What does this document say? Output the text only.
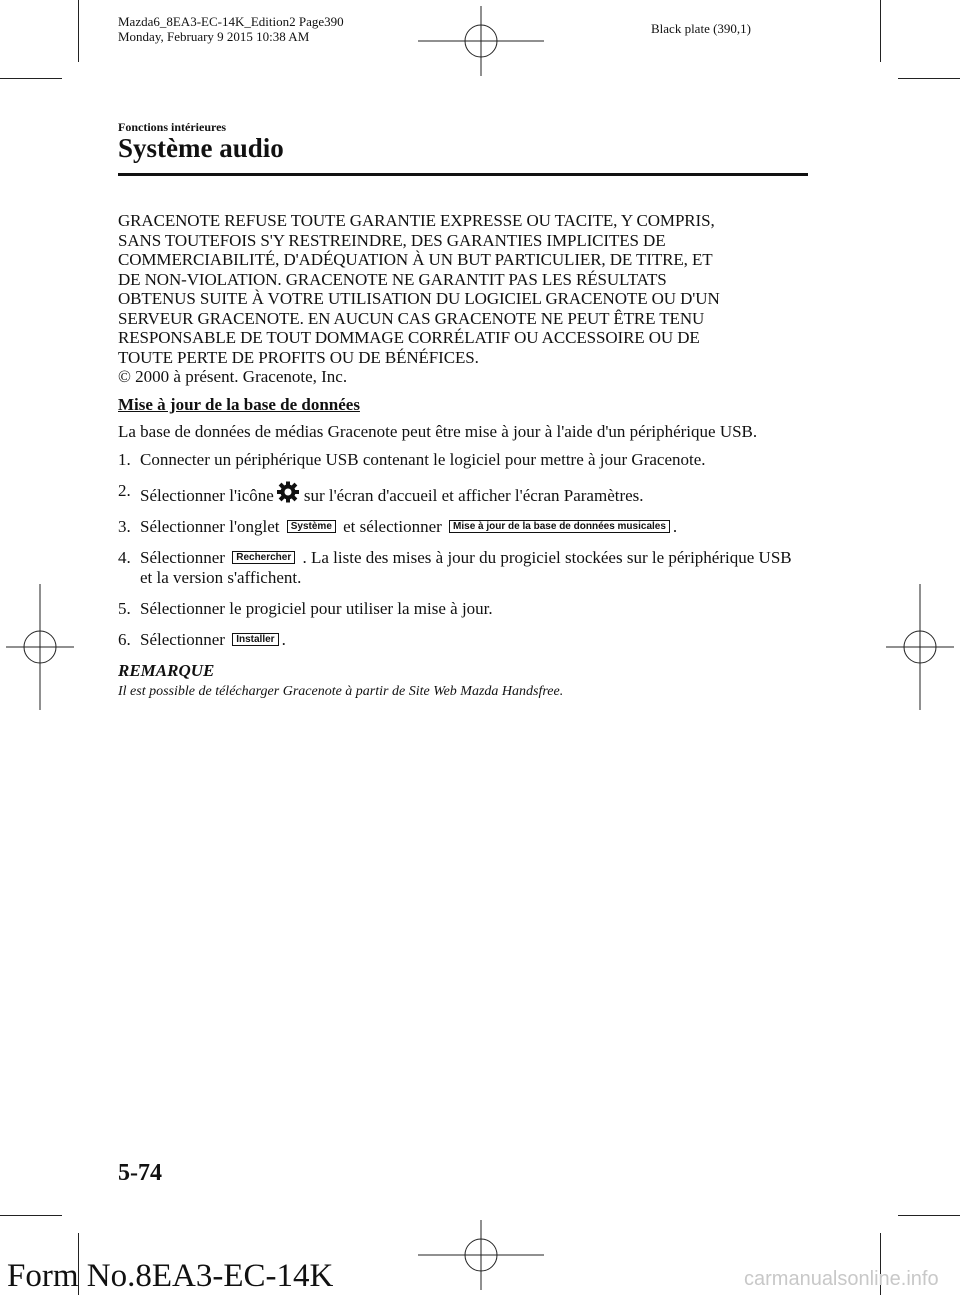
Mazda6_8EA3-EC-14K_Edition2 Page390
Monday, February 9 2015 10:38 AM
Black plate (390,1)
Fonctions intérieures
Système audio
GRACENOTE REFUSE TOUTE GARANTIE EXPRESSE OU TACITE, Y COMPRIS,
SANS TOUTEFOIS S'Y RESTREINDRE, DES GARANTIES IMPLICITES DE
COMMERCIABILITÉ, D'ADÉQUATION À UN BUT PARTICULIER, DE TITRE, ET
DE NON-VIOLATION. GRACENOTE NE GARANTIT PAS LES RÉSULTATS
OBTENUS SUITE À VOTRE UTILISATION DU LOGICIEL GRACENOTE OU D'UN
SERVEUR GRACENOTE. EN AUCUN CAS GRACENOTE NE PEUT ÊTRE TENU
RESPONSABLE DE TOUT DOMMAGE CORRÉLATIF OU ACCESSOIRE OU DE
TOUTE PERTE DE PROFITS OU DE BÉNÉFICES.

© 2000 à présent. Gracenote, Inc.

Mise à jour de la base de données

La base de données de médias Gracenote peut être mise à jour à l'aide d'un périphérique USB.

1. Connecter un périphérique USB contenant le logiciel pour mettre à jour Gracenote.
2. Sélectionner l'icône sur l'écran d'accueil et afficher l'écran Paramètres.
3. Sélectionner l'onglet Système et sélectionner Mise à jour de la base de données musicales .
4. Sélectionner Rechercher . La liste des mises à jour du progiciel stockées sur le périphérique USB et la version s'affichent.
5. Sélectionner le progiciel pour utiliser la mise à jour.
6. Sélectionner Installer .

REMARQUE

Il est possible de télécharger Gracenote à partir de Site Web Mazda Handsfree.

5-74
Form No.8EA3-EC-14K	carmanualsonline.info
